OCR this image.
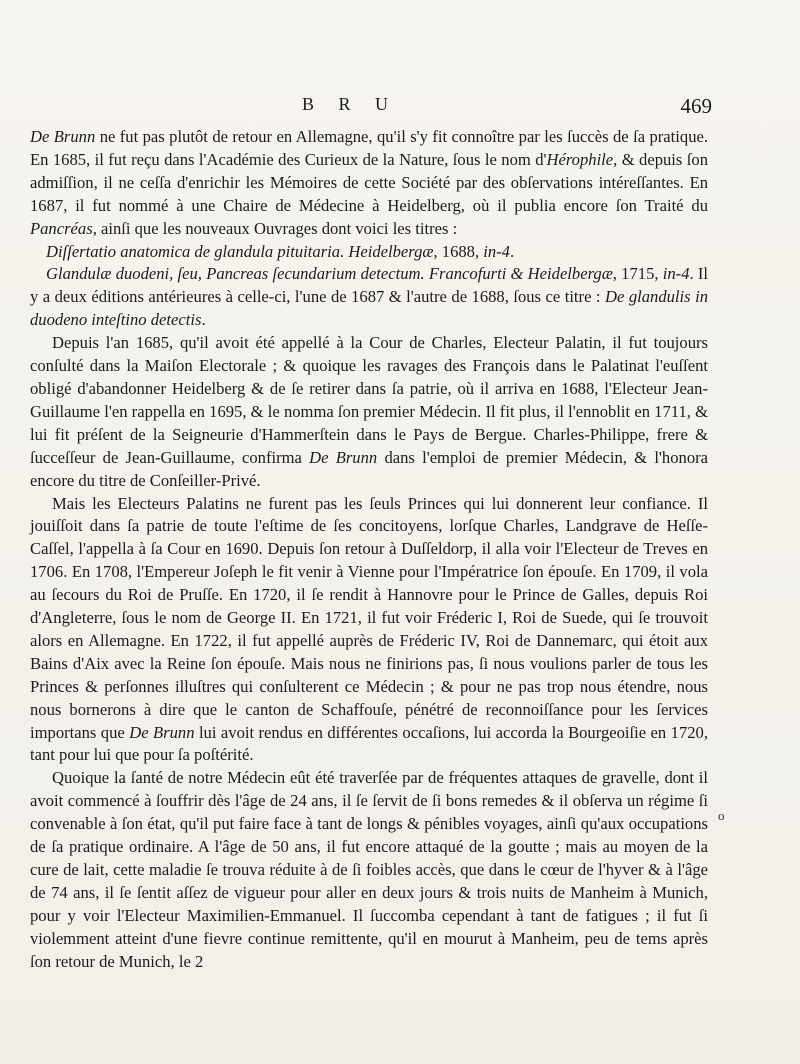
B R U	469

De Brunn ne fut pas plutôt de retour en Allemagne, qu'il s'y fit connoître par les ſuccès de ſa pratique. En 1685, il fut reçu dans l'Académie des Curieux de la Nature, ſous le nom d'Hérophile, & depuis ſon admiſſion, il ne ceſſa d'enrichir les Mémoires de cette Société par des obſervations intéreſſantes. En 1687, il fut nommé à une Chaire de Médecine à Heidelberg, où il publia encore ſon Traité du Pancréas, ainſi que les nouveaux Ouvrages dont voici les titres :

Diſſertatio anatomica de glandula pituitaria. Heidelbergæ, 1688, in-4.

Glandulæ duodeni, ſeu, Pancreas ſecundarium detectum. Francofurti & Heidelbergæ, 1715, in-4. Il y a deux éditions antérieures à celle-ci, l'une de 1687 & l'autre de 1688, ſous ce titre : De glandulis in duodeno inteſtino detectis.

Depuis l'an 1685, qu'il avoit été appellé à la Cour de Charles, Electeur Palatin, il fut toujours conſulté dans la Maiſon Electorale ; & quoique les ravages des François dans le Palatinat l'euſſent obligé d'abandonner Heidelberg & de ſe retirer dans ſa patrie, où il arriva en 1688, l'Electeur Jean-Guillaume l'en rappella en 1695, & le nomma ſon premier Médecin. Il fit plus, il l'ennoblit en 1711, & lui fit préſent de la Seigneurie d'Hammerſtein dans le Pays de Bergue. Charles-Philippe, frere & ſucceſſeur de Jean-Guillaume, confirma De Brunn dans l'emploi de premier Médecin, & l'honora encore du titre de Conſeiller-Privé.

Mais les Electeurs Palatins ne furent pas les ſeuls Princes qui lui donnerent leur confiance. Il jouiſſoit dans ſa patrie de toute l'eſtime de ſes concitoyens, lorſque Charles, Landgrave de Heſſe-Caſſel, l'appella à ſa Cour en 1690. Depuis ſon retour à Duſſeldorp, il alla voir l'Electeur de Treves en 1706. En 1708, l'Empereur Joſeph le fit venir à Vienne pour l'Impératrice ſon épouſe. En 1709, il vola au ſecours du Roi de Pruſſe. En 1720, il ſe rendit à Hannovre pour le Prince de Galles, depuis Roi d'Angleterre, ſous le nom de George II. En 1721, il fut voir Fréderic I, Roi de Suede, qui ſe trouvoit alors en Allemagne. En 1722, il fut appellé auprès de Fréderic IV, Roi de Dannemarc, qui étoit aux Bains d'Aix avec la Reine ſon épouſe. Mais nous ne finirions pas, ſi nous voulions parler de tous les Princes & perſonnes illuſtres qui conſulterent ce Médecin ; & pour ne pas trop nous étendre, nous nous bornerons à dire que le canton de Schaffouſe, pénétré de reconnoiſſance pour les ſervices importans que De Brunn lui avoit rendus en différentes occaſions, lui accorda la Bourgeoiſie en 1720, tant pour lui que pour ſa poſtérité.

Quoique la ſanté de notre Médecin eût été traverſée par de fréquentes attaques de gravelle, dont il avoit commencé à ſouffrir dès l'âge de 24 ans, il ſe ſervit de ſi bons remedes & il obſerva un régime ſi convenable à ſon état, qu'il put faire face à tant de longs & pénibles voyages, ainſi qu'aux occupations de ſa pratique ordinaire. A l'âge de 50 ans, il fut encore attaqué de la goutte ; mais au moyen de la cure de lait, cette maladie ſe trouva réduite à de ſi foibles accès, que dans le cœur de l'hyver & à l'âge de 74 ans, il ſe ſentit aſſez de vigueur pour aller en deux jours & trois nuits de Manheim à Munich, pour y voir l'Electeur Maximilien-Emmanuel. Il ſuccomba cependant à tant de fatigues ; il fut ſi violemment atteint d'une fievre continue remittente, qu'il en mourut à Manheim, peu de tems après ſon retour de Munich, le 2

o
